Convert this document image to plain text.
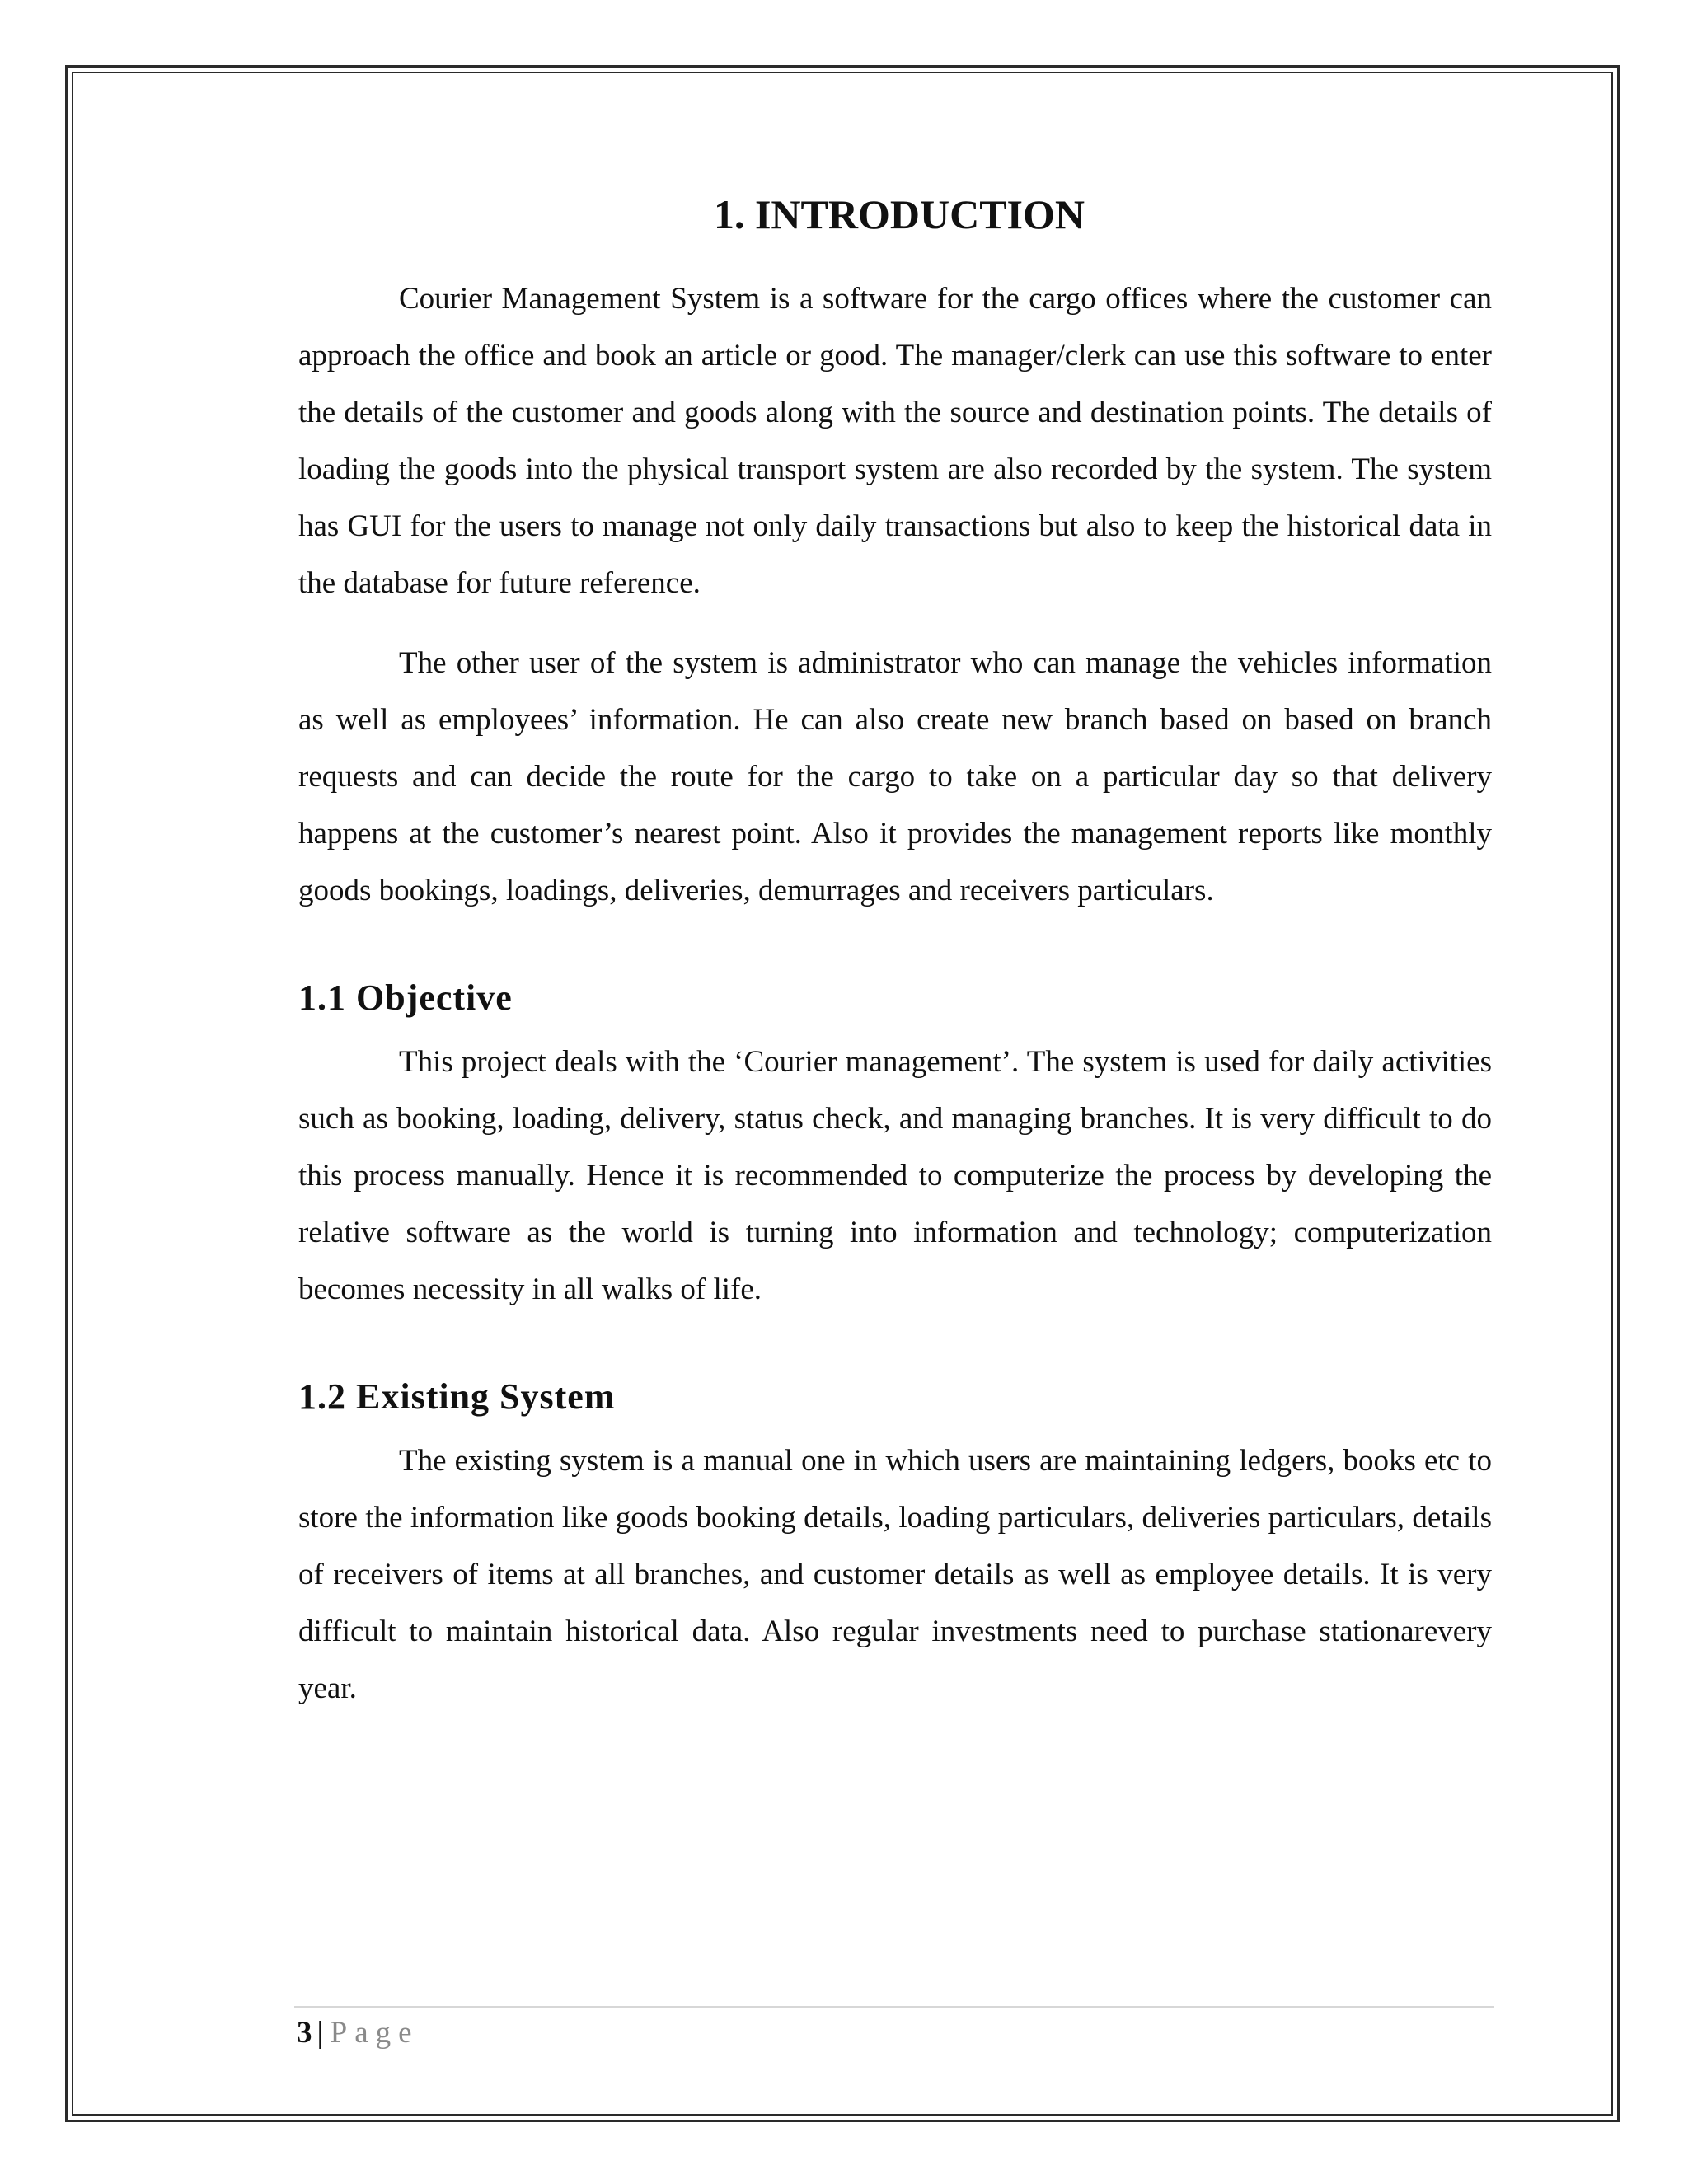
1. INTRODUCTION

Courier Management System is a software for the cargo offices where the customer can approach the office and book an article or good. The manager/clerk can use this software to enter the details of the customer and goods along with the source and destination points. The details of loading the goods into the physical transport system are also recorded by the system. The system has GUI for the users to manage not only daily transactions but also to keep the historical data in the database for future reference.

The other user of the system is administrator who can manage the vehicles information as well as employees’ information. He can also create new branch based on based on branch requests and can decide the route for the cargo to take on a particular day so that delivery happens at the customer’s nearest point. Also it provides the management reports like monthly goods bookings, loadings, deliveries, demurrages and receivers particulars.

1.1 Objective

This project deals with the ‘Courier management’. The system is used for daily activities such as booking, loading, delivery, status check, and managing branches. It is very difficult to do this process manually. Hence it is recommended to computerize the process by developing the relative software as the world is turning into information and technology; computerization becomes necessity in all walks of life.

1.2 Existing System

The existing system is a manual one in which users are maintaining ledgers, books etc to store the information like goods booking details, loading particulars, deliveries particulars, details of receivers of items at all branches, and customer details as well as employee details. It is very difficult to maintain historical data. Also regular investments need to purchase stationarevery year.

3 | Page
